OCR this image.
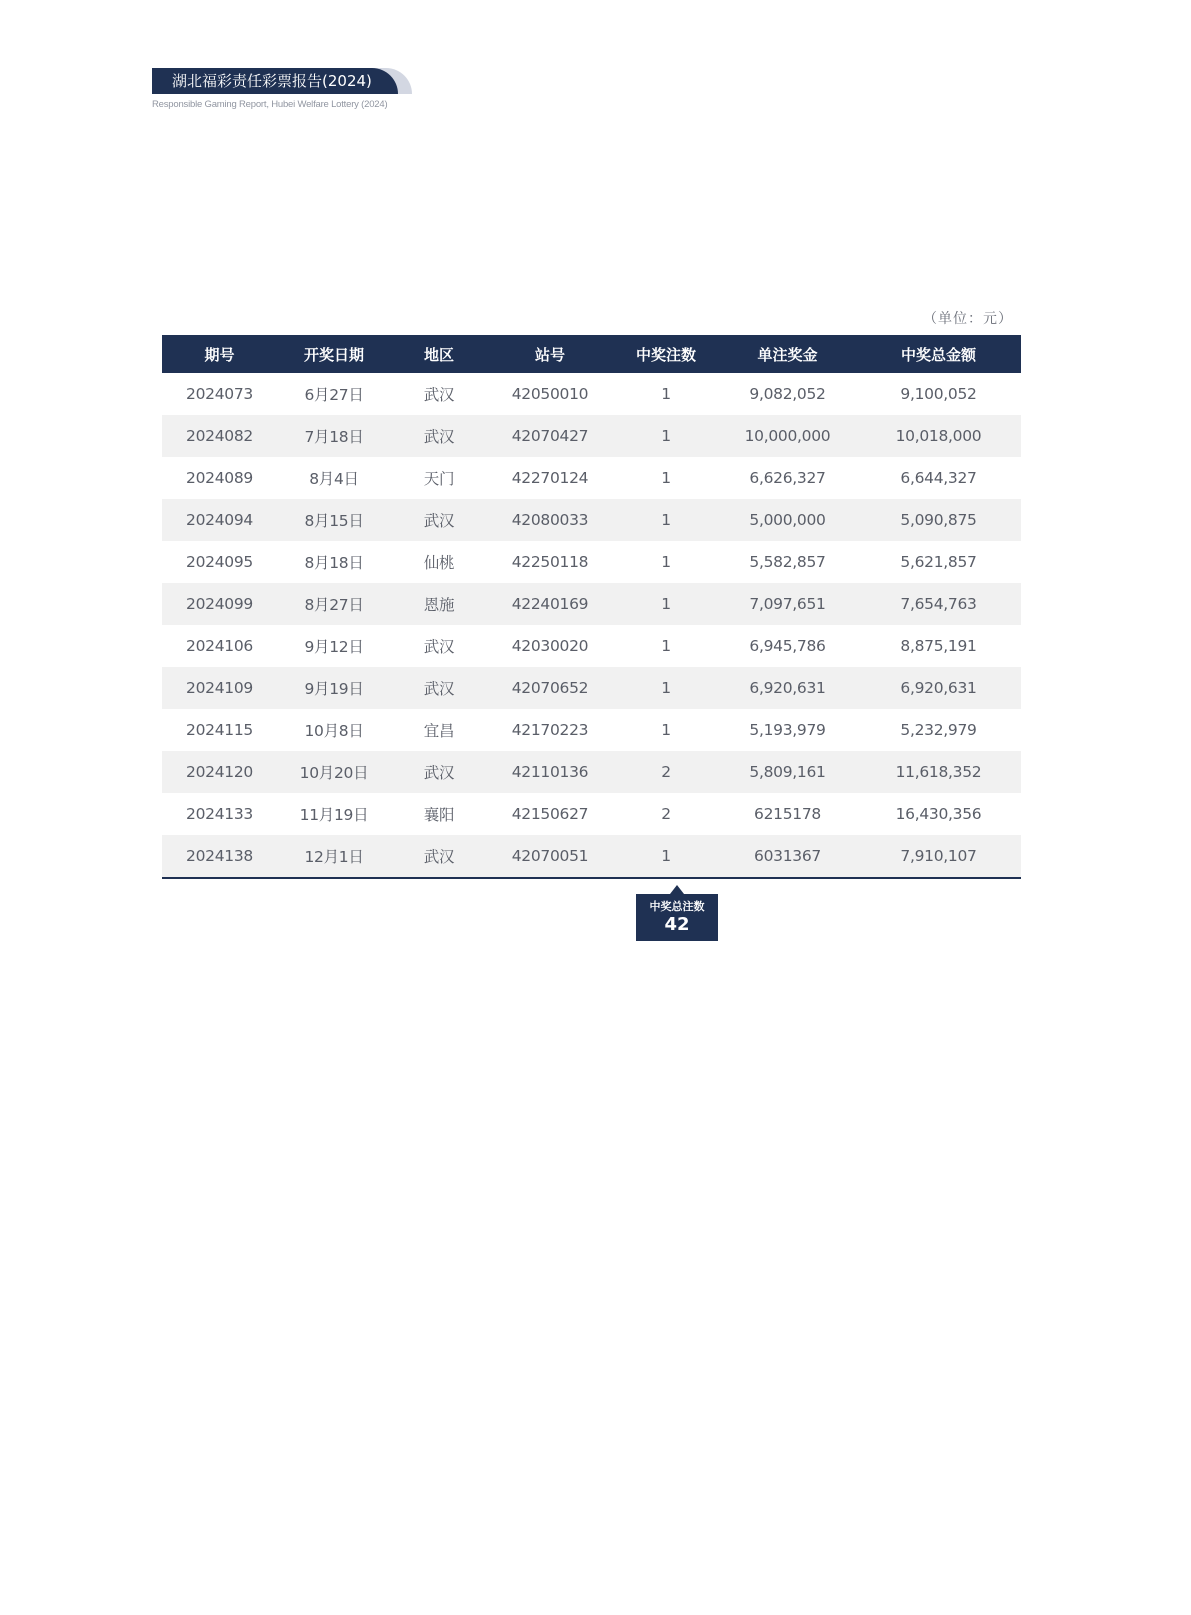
湖北福彩责任彩票报告(2024)
Responsible Gaming Report, Hubei Welfare Lottery (2024)
（单位：元）
期号	开奖日期	地区	站号	中奖注数	单注奖金	中奖总金额
2024073	6月27日	武汉	42050010	1	9,082,052	9,100,052
2024082	7月18日	武汉	42070427	1	10,000,000	10,018,000
2024089	8月4日	天门	42270124	1	6,626,327	6,644,327
2024094	8月15日	武汉	42080033	1	5,000,000	5,090,875
2024095	8月18日	仙桃	42250118	1	5,582,857	5,621,857
2024099	8月27日	恩施	42240169	1	7,097,651	7,654,763
2024106	9月12日	武汉	42030020	1	6,945,786	8,875,191
2024109	9月19日	武汉	42070652	1	6,920,631	6,920,631
2024115	10月8日	宜昌	42170223	1	5,193,979	5,232,979
2024120	10月20日	武汉	42110136	2	5,809,161	11,618,352
2024133	11月19日	襄阳	42150627	2	6215178	16,430,356
2024138	12月1日	武汉	42070051	1	6031367	7,910,107
中奖总注数
42
